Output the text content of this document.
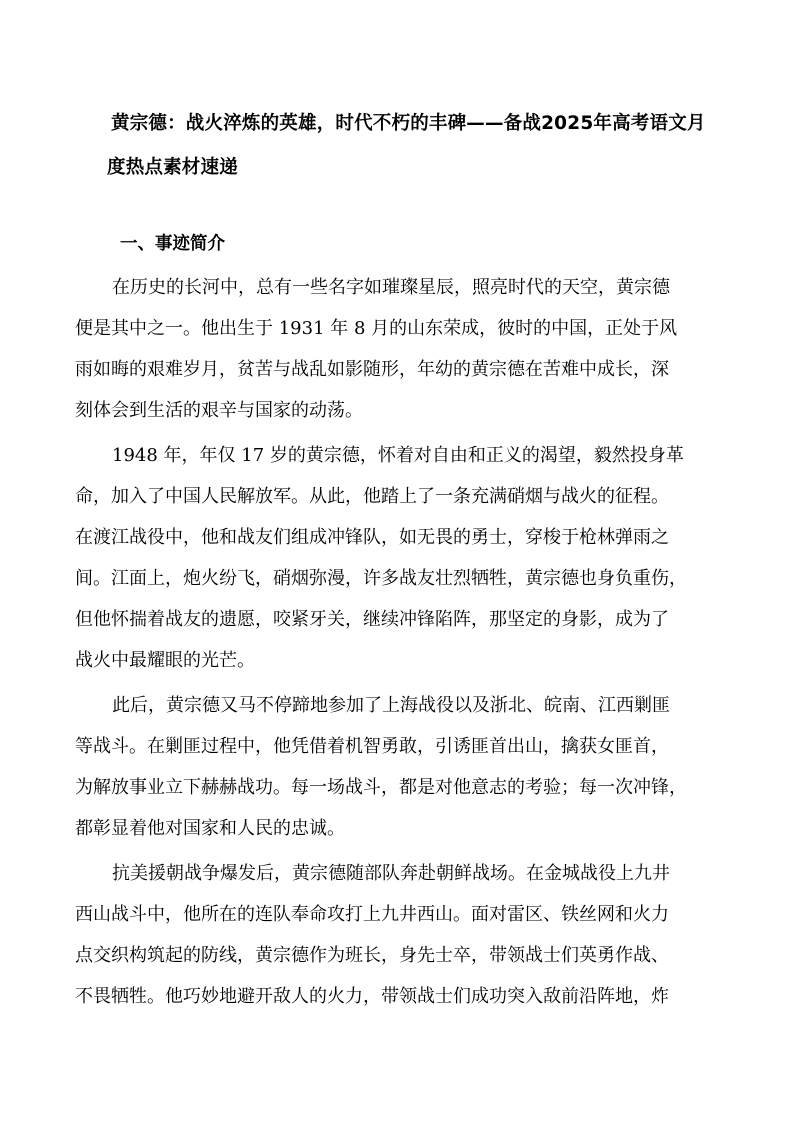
黄宗德：战火淬炼的英雄，时代不朽的丰碑——备战2025年高考语文月
度热点素材速递
一、事迹简介
在历史的长河中，总有一些名字如璀璨星辰，照亮时代的天空，黄宗德
便是其中之一。他出生于 1931 年 8 月的山东荣成，彼时的中国，正处于风
雨如晦的艰难岁月，贫苦与战乱如影随形，年幼的黄宗德在苦难中成长，深
刻体会到生活的艰辛与国家的动荡。
1948 年，年仅 17 岁的黄宗德，怀着对自由和正义的渴望，毅然投身革
命，加入了中国人民解放军。从此，他踏上了一条充满硝烟与战火的征程。
在渡江战役中，他和战友们组成冲锋队，如无畏的勇士，穿梭于枪林弹雨之
间。江面上，炮火纷飞，硝烟弥漫，许多战友壮烈牺牲，黄宗德也身负重伤，
但他怀揣着战友的遗愿，咬紧牙关，继续冲锋陷阵，那坚定的身影，成为了
战火中最耀眼的光芒。
此后，黄宗德又马不停蹄地参加了上海战役以及浙北、皖南、江西剿匪
等战斗。在剿匪过程中，他凭借着机智勇敢，引诱匪首出山，擒获女匪首，
为解放事业立下赫赫战功。每一场战斗，都是对他意志的考验；每一次冲锋，
都彰显着他对国家和人民的忠诚。
抗美援朝战争爆发后，黄宗德随部队奔赴朝鲜战场。在金城战役上九井
西山战斗中，他所在的连队奉命攻打上九井西山。面对雷区、铁丝网和火力
点交织构筑起的防线，黄宗德作为班长，身先士卒，带领战士们英勇作战、
不畏牺牲。他巧妙地避开敌人的火力，带领战士们成功突入敌前沿阵地，炸
